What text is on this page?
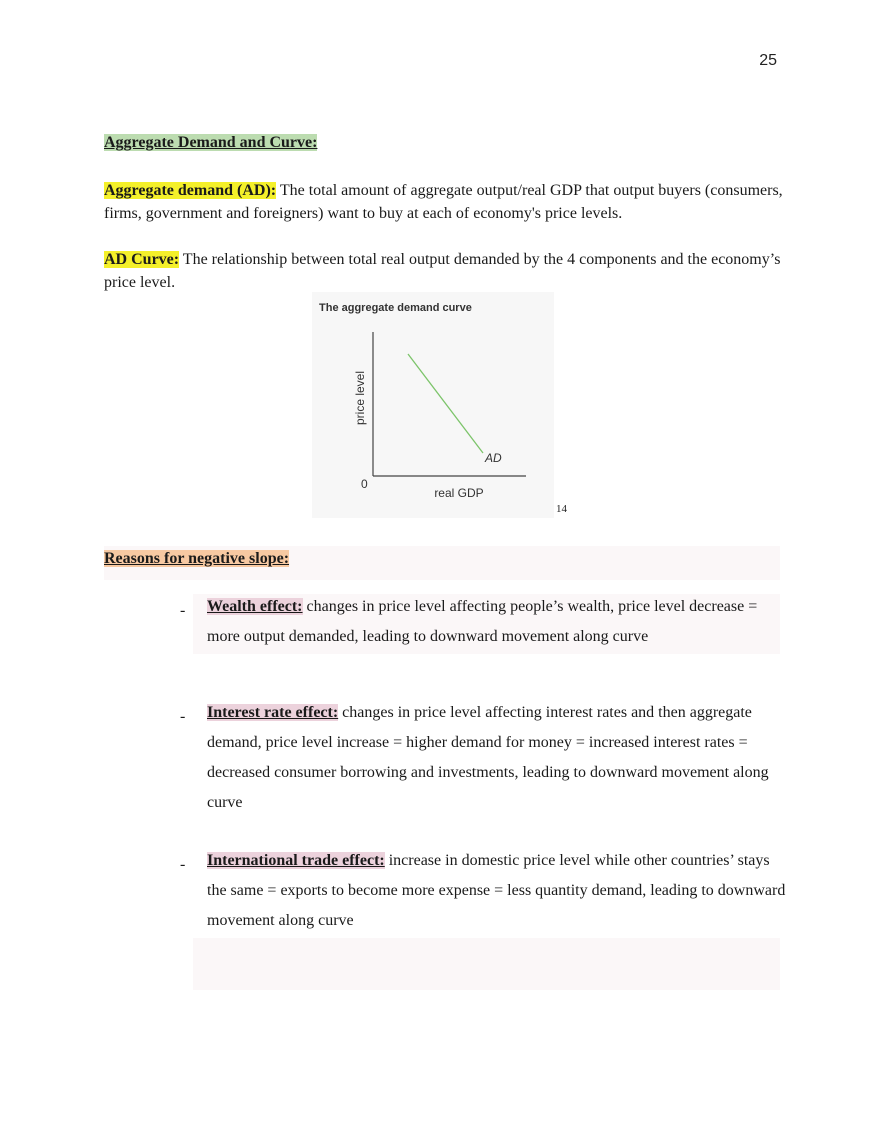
25
Aggregate Demand and Curve:
Aggregate demand (AD): The total amount of aggregate output/real GDP that output buyers (consumers, firms, government and foreigners) want to buy at each of economy's price levels.
AD Curve: The relationship between total real output demanded by the 4 components and the economy’s price level.
The aggregate demand curve
price level
real GDP
0
AD
14
Reasons for negative slope:
- Wealth effect: changes in price level affecting people’s wealth, price level decrease = more output demanded, leading to downward movement along curve
- Interest rate effect: changes in price level affecting interest rates and then aggregate demand, price level increase = higher demand for money = increased interest rates = decreased consumer borrowing and investments, leading to downward movement along curve
- International trade effect: increase in domestic price level while other countries’ stays the same = exports to become more expense = less quantity demand, leading to downward movement along curve
